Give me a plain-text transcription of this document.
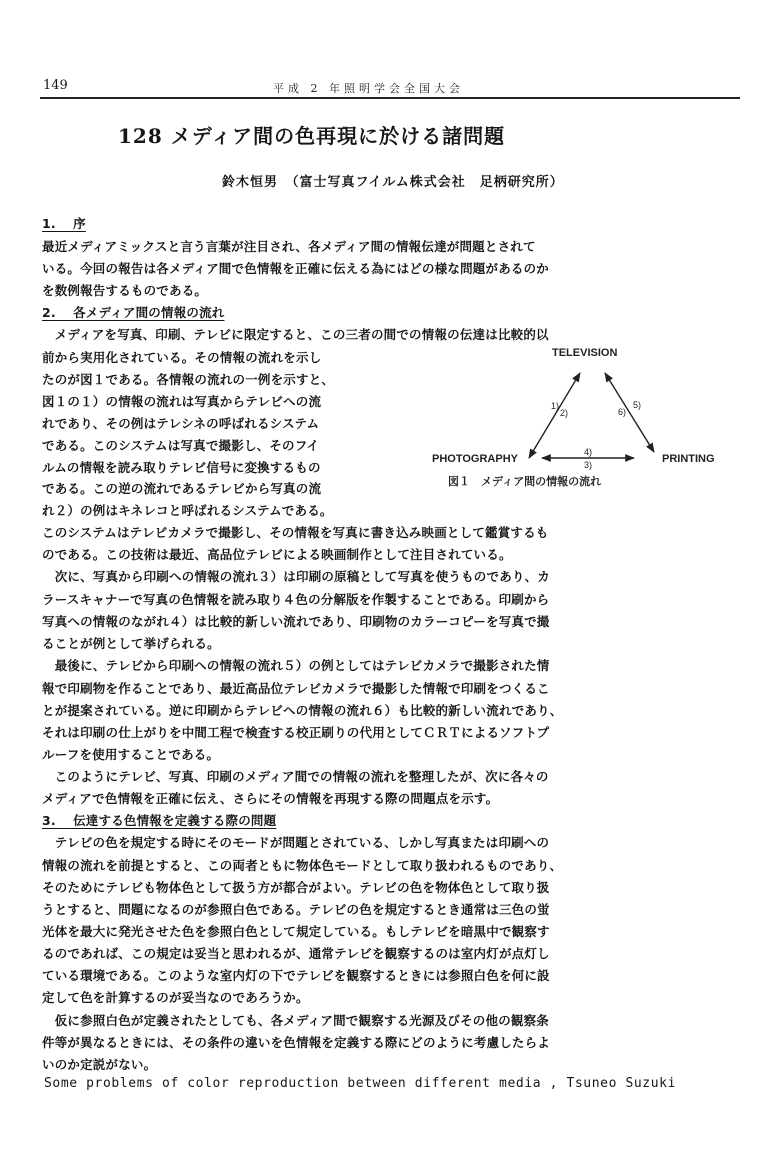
149	平成 2 年照明学会全国大会
128 メディア間の色再現に於ける諸問題
鈴木恒男　（富士写真フイルム株式会社　足柄研究所）
1.　 序
最近メディアミックスと言う言葉が注目され、各メディア間の情報伝達が問題とされて
いる。今回の報告は各メディア間で色情報を正確に伝える為にはどの様な問題があるのか
を数例報告するものである。
2.　 各メディア間の情報の流れ
　メディアを写真、印刷、テレビに限定すると、この三者の間での情報の伝達は比較的以
前から実用化されている。その情報の流れを示し
たのが図１である。各情報の流れの一例を示すと、
図１の１）の情報の流れは写真からテレビへの流
れであり、その例はテレシネの呼ばれるシステム
である。このシステムは写真で撮影し、そのフイ
ルムの情報を読み取りテレビ信号に変換するもの
である。この逆の流れであるテレビから写真の流
れ２）の例はキネレコと呼ばれるシステムである。
このシステムはテレビカメラで撮影し、その情報を写真に書き込み映画として鑑賞するも
のである。この技術は最近、高品位テレビによる映画制作として注目されている。
　次に、写真から印刷への情報の流れ３）は印刷の原稿として写真を使うものであり、カ
ラースキャナーで写真の色情報を読み取り４色の分解版を作製することである。印刷から
写真への情報のながれ４）は比較的新しい流れであり、印刷物のカラーコピーを写真で撮
ることが例として挙げられる。
　最後に、テレビから印刷への情報の流れ５）の例としてはテレビカメラで撮影された情
報で印刷物を作ることであり、最近高品位テレビカメラで撮影した情報で印刷をつくるこ
とが提案されている。逆に印刷からテレビへの情報の流れ６）も比較的新しい流れであり、
それは印刷の仕上がりを中間工程で検査する校正刷りの代用としてＣＲＴによるソフトプ
ルーフを使用することである。
　このようにテレビ、写真、印刷のメディア間での情報の流れを整理したが、次に各々の
メディアで色情報を正確に伝え、さらにその情報を再現する際の問題点を示す。
3.　 伝達する色情報を定義する際の問題
　テレビの色を規定する時にそのモードが問題とされている、しかし写真または印刷への
情報の流れを前提とすると、この両者ともに物体色モードとして取り扱われるものであり、
そのためにテレビも物体色として扱う方が都合がよい。テレビの色を物体色として取り扱
うとすると、問題になるのが参照白色である。テレビの色を規定するとき通常は三色の蛍
光体を最大に発光させた色を参照白色として規定している。もしテレビを暗黒中で観察す
るのであれば、この規定は妥当と思われるが、通常テレビを観察するのは室内灯が点灯し
ている環境である。このような室内灯の下でテレビを観察するときには参照白色を何に設
定して色を計算するのが妥当なのであろうか。
　仮に参照白色が定義されたとしても、各メディア間で観察する光源及びその他の観察条
件等が異なるときには、その条件の違いを色情報を定義する際にどのように考慮したらよ
いのか定説がない。
TELEVISION
PHOTOGRAPHY	PRINTING
1)
2)
3)
4)
5)
6)
図１　メディア間の情報の流れ
Some problems of color reproduction between different media , Tsuneo Suzuki
